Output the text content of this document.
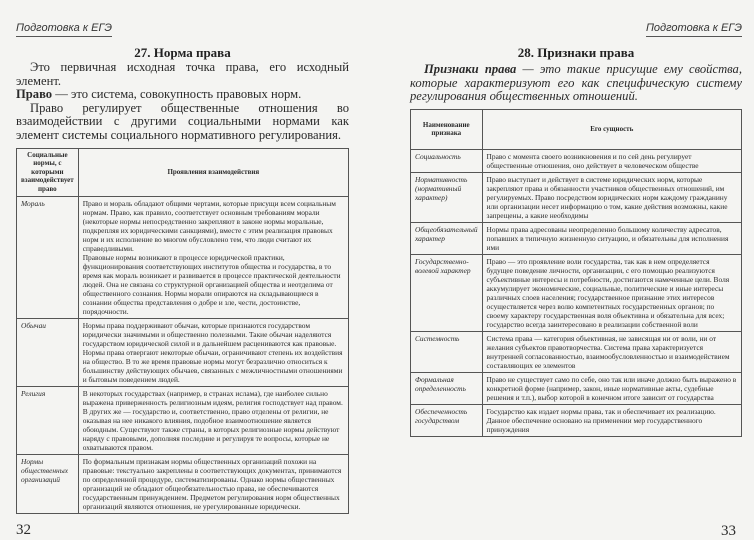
Подготовка к ЕГЭ
27. Норма права

Это первичная исходная точка права, его исходный элемент.

Право — это система, совокупность правовых норм.

Право регулирует общественные отношения во взаимодействии с другими социальными нормами как элемент системы социального нормативного регулирования.

Социальные нормы, с которыми взаимодействует право	Проявления взаимодействия
Мораль	Право и мораль обладают общими чертами, которые присущи всем социальным нормам. Право, как правило, соответствует основным требованиям морали (некоторые нормы непосредственно закрепляют в законе нормы моральные, подкрепляя их юридическими санкциями), вместе с этим реализация правовых норм и их исполнение во многом обусловлено тем, что люди считают их справедливыми.
Правовые нормы возникают в процессе юридической практики, функционирования соответствующих институтов общества и государства, в то время как мораль возникает и развивается в процессе практической деятельности людей. Она не связана со структурной организацией общества и неотделима от общественного сознания. Нормы морали опираются на складывающиеся в сознании общества представления о добре и зле, чести, достоинстве, порядочности.

Обычаи	Нормы права поддерживают обычаи, которые признаются государством юридически значимыми и общественно полезными. Такие обычаи наделяются государством юридической силой и в дальнейшем расцениваются как правовые. Нормы права отвергают некоторые обычаи, ограничивают степень их воздействия на общество. В то же время правовые нормы могут безразлично относиться к большинству действующих обычаев, связанных с межличностными отношениями и бытовым поведением людей.
Религия	В некоторых государствах (например, в странах ислама), где наиболее сильно выражена приверженность религиозным идеям, религия господствует над правом. В других же — государство и, соответственно, право отделены от религии, не оказывая на нее никакого влияния, подобное взаимоотношение является обоюдным. Существуют также страны, в которых религиозные нормы действуют наряду с правовыми, дополняя последние и регулируя те вопросы, которые не охватываются правом.
Нормы общественных организаций	По формальным признакам нормы общественных организаций похожи на правовые: текстуально закреплены в соответствующих документах, принимаются по определенной процедуре, систематизированы. Однако нормы общественных организаций не обладают общеобязательностью права, не обеспечиваются государственным принуждением. Предметом регулирования норм общественных организаций являются отношения, не урегулированные юридически.
32
Подготовка к ЕГЭ
28. Признаки права

Признаки права — это такие присущие ему свойства, которые характеризуют его как специфическую систему регулирования общественных отношений.

Наименование признака	Его сущность
Социальность	Право с момента своего возникновения и по сей день регулирует общественные отношения, оно действует в человеческом обществе
Нормативность (нормативный характер)	Право выступает и действует в системе юридических норм, которые закрепляют права и обязанности участников общественных отношений, им регулируемых. Право посредством юридических норм каждому гражданину или организации несет информацию о том, какие действия возможны, какие запрещены, а какие необходимы
Общеобязательный характер	Нормы права адресованы неопределенно большому количеству адресатов, попавших в типичную жизненную ситуацию, и обязательны для исполнения ими
Государственно-волевой характер	Право — это проявление воли государства, так как в нем определяется будущее поведение личности, организации, с его помощью реализуются субъективные интересы и потребности, достигаются намеченные цели. Воля аккумулирует экономические, социальные, политические и иные интересы различных слоев населения; государственное признание этих интересов осуществляется через волю компетентных государственных органов; по своему характеру государственная воля объективна и обязательна для всех; государство всегда заинтересовано в реализации собственной воли
Системность	Система права — категория объективная, не зависящая ни от воли, ни от желания субъектов правотворчества. Система права характеризуется внутренней согласованностью, взаимообусловленностью и взаимодействием составляющих ее элементов
Формальная определенность	Право не существует само по себе, оно так или иначе должно быть выражено в конкретной форме (например, закон, иные нормативные акты, судебные решения и т.п.), выбор которой в конечном итоге зависит от государства
Обеспеченность государством	Государство как издает нормы права, так и обеспечивает их реализацию. Данное обеспечение основано на применении мер государственного принуждения
33
